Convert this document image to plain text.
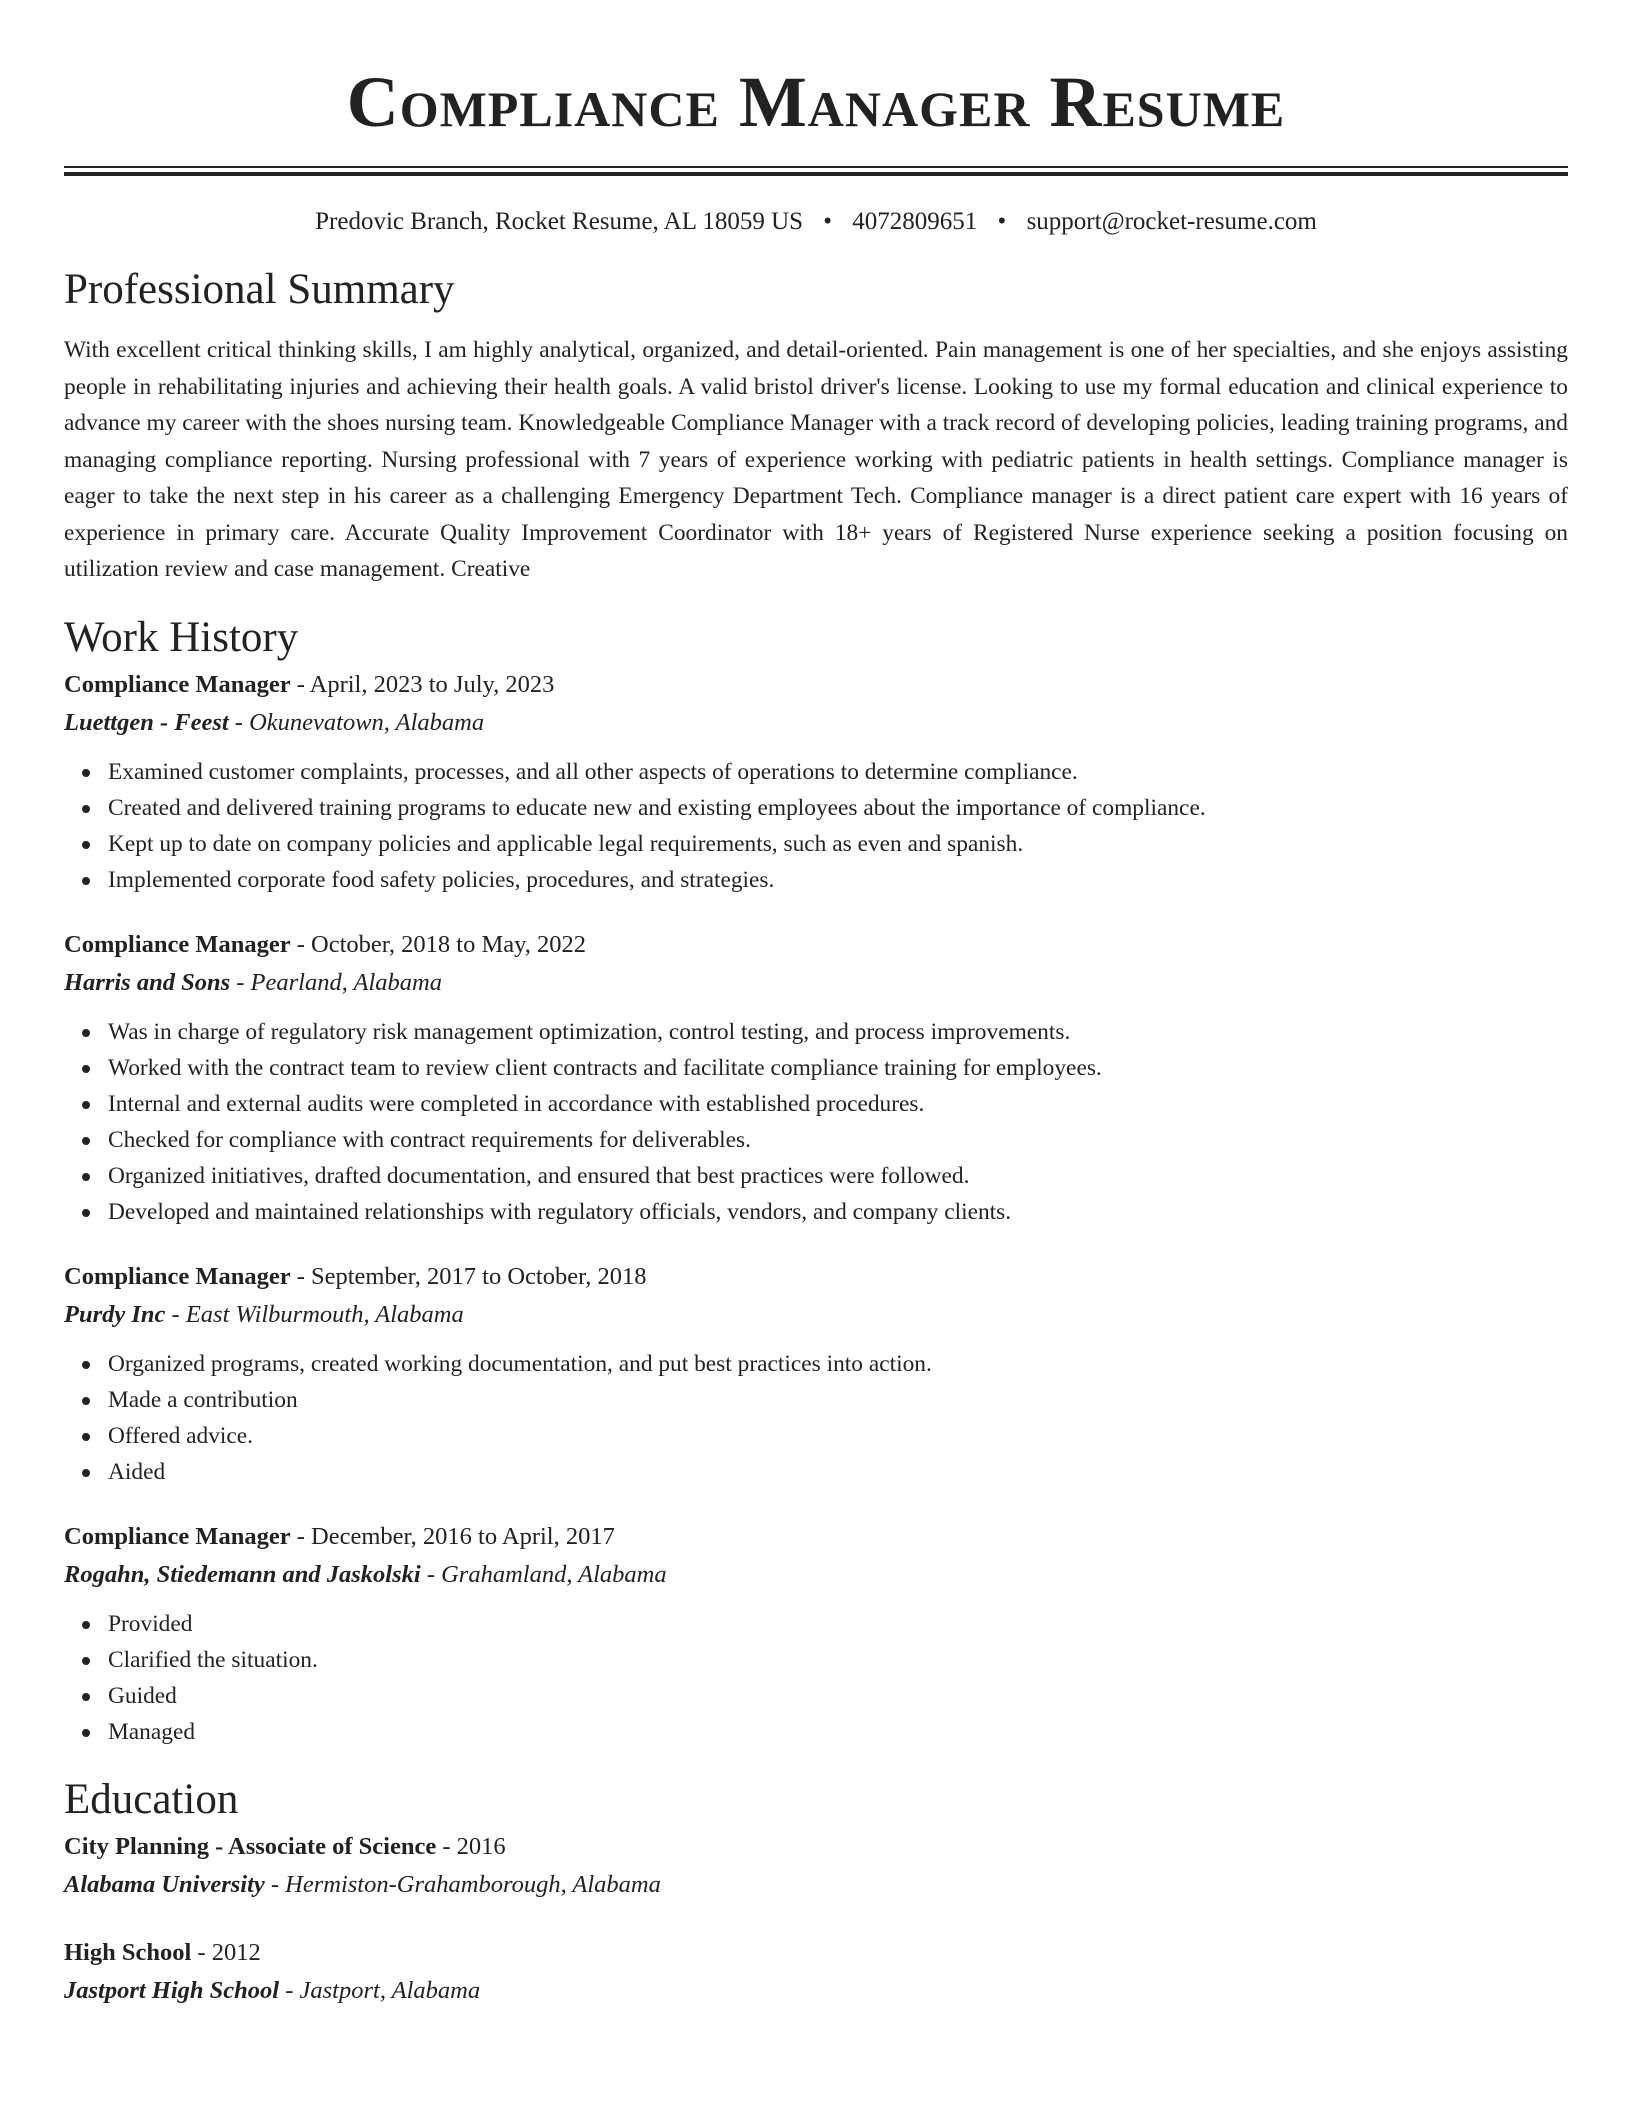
Compliance Manager Resume
Predovic Branch, Rocket Resume, AL 18059 US • 4072809651 • support@rocket-resume.com
Professional Summary
With excellent critical thinking skills, I am highly analytical, organized, and detail-oriented. Pain management is one of her specialties, and she enjoys assisting people in rehabilitating injuries and achieving their health goals. A valid bristol driver's license. Looking to use my formal education and clinical experience to advance my career with the shoes nursing team. Knowledgeable Compliance Manager with a track record of developing policies, leading training programs, and managing compliance reporting. Nursing professional with 7 years of experience working with pediatric patients in health settings. Compliance manager is eager to take the next step in his career as a challenging Emergency Department Tech. Compliance manager is a direct patient care expert with 16 years of experience in primary care. Accurate Quality Improvement Coordinator with 18+ years of Registered Nurse experience seeking a position focusing on utilization review and case management. Creative
Work History
Compliance Manager - April, 2023 to July, 2023
Luettgen - Feest - Okunevatown, Alabama
Examined customer complaints, processes, and all other aspects of operations to determine compliance.
Created and delivered training programs to educate new and existing employees about the importance of compliance.
Kept up to date on company policies and applicable legal requirements, such as even and spanish.
Implemented corporate food safety policies, procedures, and strategies.
Compliance Manager - October, 2018 to May, 2022
Harris and Sons - Pearland, Alabama
Was in charge of regulatory risk management optimization, control testing, and process improvements.
Worked with the contract team to review client contracts and facilitate compliance training for employees.
Internal and external audits were completed in accordance with established procedures.
Checked for compliance with contract requirements for deliverables.
Organized initiatives, drafted documentation, and ensured that best practices were followed.
Developed and maintained relationships with regulatory officials, vendors, and company clients.
Compliance Manager - September, 2017 to October, 2018
Purdy Inc - East Wilburmouth, Alabama
Organized programs, created working documentation, and put best practices into action.
Made a contribution
Offered advice.
Aided
Compliance Manager - December, 2016 to April, 2017
Rogahn, Stiedemann and Jaskolski - Grahamland, Alabama
Provided
Clarified the situation.
Guided
Managed
Education
City Planning - Associate of Science - 2016
Alabama University - Hermiston-Grahamborough, Alabama
High School - 2012
Jastport High School - Jastport, Alabama
